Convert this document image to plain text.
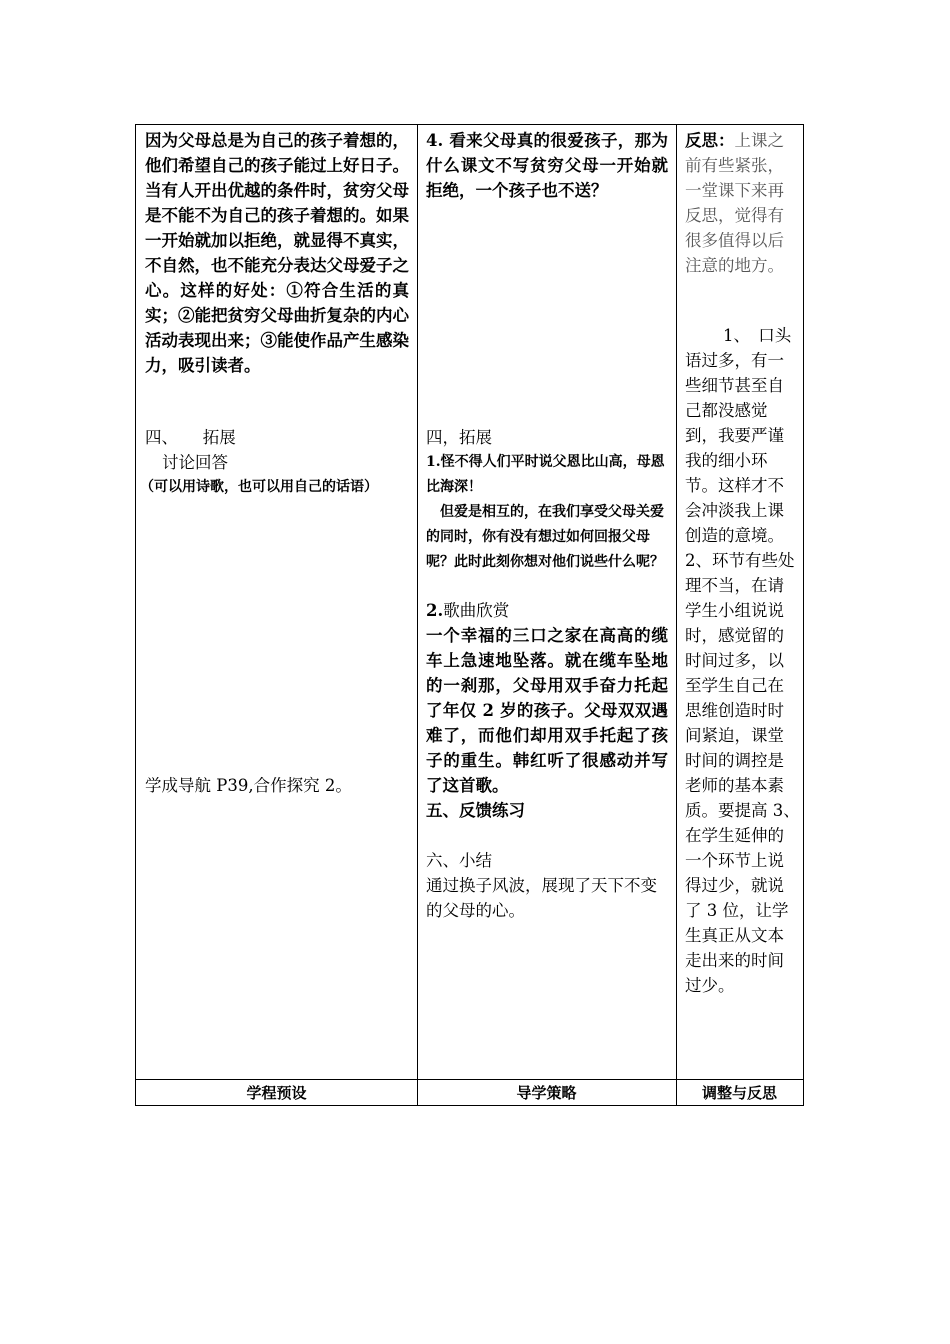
因为父母总是为自己的孩子着想的，他们希望自己的孩子能过上好日子。当有人开出优越的条件时，贫穷父母是不能不为自己的孩子着想的。如果一开始就加以拒绝，就显得不真实，不自然，也不能充分表达父母爱子之心。这样的好处：①符合生活的真实；②能把贫穷父母曲折复杂的内心活动表现出来；③能使作品产生感染力，吸引读者。
四、　　拓展
讨论回答
（可以用诗歌，也可以用自己的话语）
学成导航 P39,合作探究 2。
4. 看来父母真的很爱孩子，那为什么课文不写贫穷父母一开始就拒绝，一个孩子也不送？
四，拓展
1.怪不得人们平时说父恩比山高，母恩比海深！
但爱是相互的，在我们享受父母关爱的同时，你有没有想过如何回报父母呢？此时此刻你想对他们说些什么呢？
2.歌曲欣赏
一个幸福的三口之家在高高的缆车上急速地坠落。就在缆车坠地的一刹那，父母用双手奋力托起了年仅 2 岁的孩子。父母双双遇难了，而他们却用双手托起了孩子的重生。韩红听了很感动并写了这首歌。
五、反馈练习
六、小结
通过换子风波，展现了天下不变的父母的心。
反思：上课之前有些紧张，一堂课下来再反思，觉得有很多值得以后注意的地方。
1、　口头语过多，有一些细节甚至自己都没感觉到，我要严谨我的细小环节。这样才不会冲淡我上课创造的意境。2、环节有些处理不当，在请学生小组说说时，感觉留的时间过多，以至学生自己在思维创造时时间紧迫，课堂时间的调控是老师的基本素质。要提高 3、　在学生延伸的一个环节上说得过少，就说了 3 位，让学生真正从文本走出来的时间过少。
学程预设	导学策略	调整与反思
